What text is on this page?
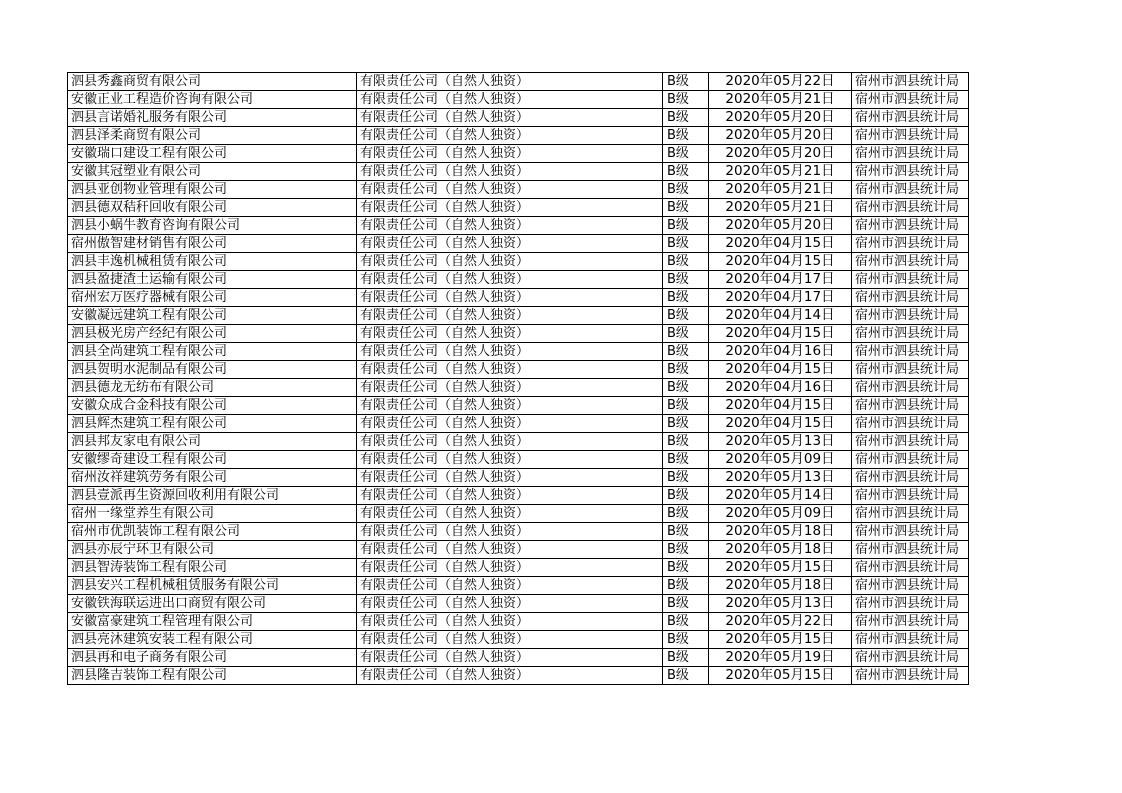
泗县秀鑫商贸有限公司	有限责任公司（自然人独资）	B级	2020年05月22日	宿州市泗县统计局
安徽正业工程造价咨询有限公司	有限责任公司（自然人独资）	B级	2020年05月21日	宿州市泗县统计局
泗县言诺婚礼服务有限公司	有限责任公司（自然人独资）	B级	2020年05月20日	宿州市泗县统计局
泗县泽柔商贸有限公司	有限责任公司（自然人独资）	B级	2020年05月20日	宿州市泗县统计局
安徽瑞口建设工程有限公司	有限责任公司（自然人独资）	B级	2020年05月20日	宿州市泗县统计局
安徽其冠塑业有限公司	有限责任公司（自然人独资）	B级	2020年05月21日	宿州市泗县统计局
泗县亚创物业管理有限公司	有限责任公司（自然人独资）	B级	2020年05月21日	宿州市泗县统计局
泗县德双秸秆回收有限公司	有限责任公司（自然人独资）	B级	2020年05月21日	宿州市泗县统计局
泗县小蜗牛教育咨询有限公司	有限责任公司（自然人独资）	B级	2020年05月20日	宿州市泗县统计局
宿州傲智建材销售有限公司	有限责任公司（自然人独资）	B级	2020年04月15日	宿州市泗县统计局
泗县丰逸机械租赁有限公司	有限责任公司（自然人独资）	B级	2020年04月15日	宿州市泗县统计局
泗县盈捷渣土运输有限公司	有限责任公司（自然人独资）	B级	2020年04月17日	宿州市泗县统计局
宿州宏万医疗器械有限公司	有限责任公司（自然人独资）	B级	2020年04月17日	宿州市泗县统计局
安徽凝远建筑工程有限公司	有限责任公司（自然人独资）	B级	2020年04月14日	宿州市泗县统计局
泗县极光房产经纪有限公司	有限责任公司（自然人独资）	B级	2020年04月15日	宿州市泗县统计局
泗县全尚建筑工程有限公司	有限责任公司（自然人独资）	B级	2020年04月16日	宿州市泗县统计局
泗县贺明水泥制品有限公司	有限责任公司（自然人独资）	B级	2020年04月15日	宿州市泗县统计局
泗县德龙无纺布有限公司	有限责任公司（自然人独资）	B级	2020年04月16日	宿州市泗县统计局
安徽众成合金科技有限公司	有限责任公司（自然人独资）	B级	2020年04月15日	宿州市泗县统计局
泗县辉杰建筑工程有限公司	有限责任公司（自然人独资）	B级	2020年04月15日	宿州市泗县统计局
泗县邦友家电有限公司	有限责任公司（自然人独资）	B级	2020年05月13日	宿州市泗县统计局
安徽缪奇建设工程有限公司	有限责任公司（自然人独资）	B级	2020年05月09日	宿州市泗县统计局
宿州汝祥建筑劳务有限公司	有限责任公司（自然人独资）	B级	2020年05月13日	宿州市泗县统计局
泗县壹派再生资源回收利用有限公司	有限责任公司（自然人独资）	B级	2020年05月14日	宿州市泗县统计局
宿州一缘堂养生有限公司	有限责任公司（自然人独资）	B级	2020年05月09日	宿州市泗县统计局
宿州市优凯装饰工程有限公司	有限责任公司（自然人独资）	B级	2020年05月18日	宿州市泗县统计局
泗县亦辰宁环卫有限公司	有限责任公司（自然人独资）	B级	2020年05月18日	宿州市泗县统计局
泗县智涛装饰工程有限公司	有限责任公司（自然人独资）	B级	2020年05月15日	宿州市泗县统计局
泗县安兴工程机械租赁服务有限公司	有限责任公司（自然人独资）	B级	2020年05月18日	宿州市泗县统计局
安徽铁海联运进出口商贸有限公司	有限责任公司（自然人独资）	B级	2020年05月13日	宿州市泗县统计局
安徽富豪建筑工程管理有限公司	有限责任公司（自然人独资）	B级	2020年05月22日	宿州市泗县统计局
泗县亮沐建筑安装工程有限公司	有限责任公司（自然人独资）	B级	2020年05月15日	宿州市泗县统计局
泗县再和电子商务有限公司	有限责任公司（自然人独资）	B级	2020年05月19日	宿州市泗县统计局
泗县隆吉装饰工程有限公司	有限责任公司（自然人独资）	B级	2020年05月15日	宿州市泗县统计局
